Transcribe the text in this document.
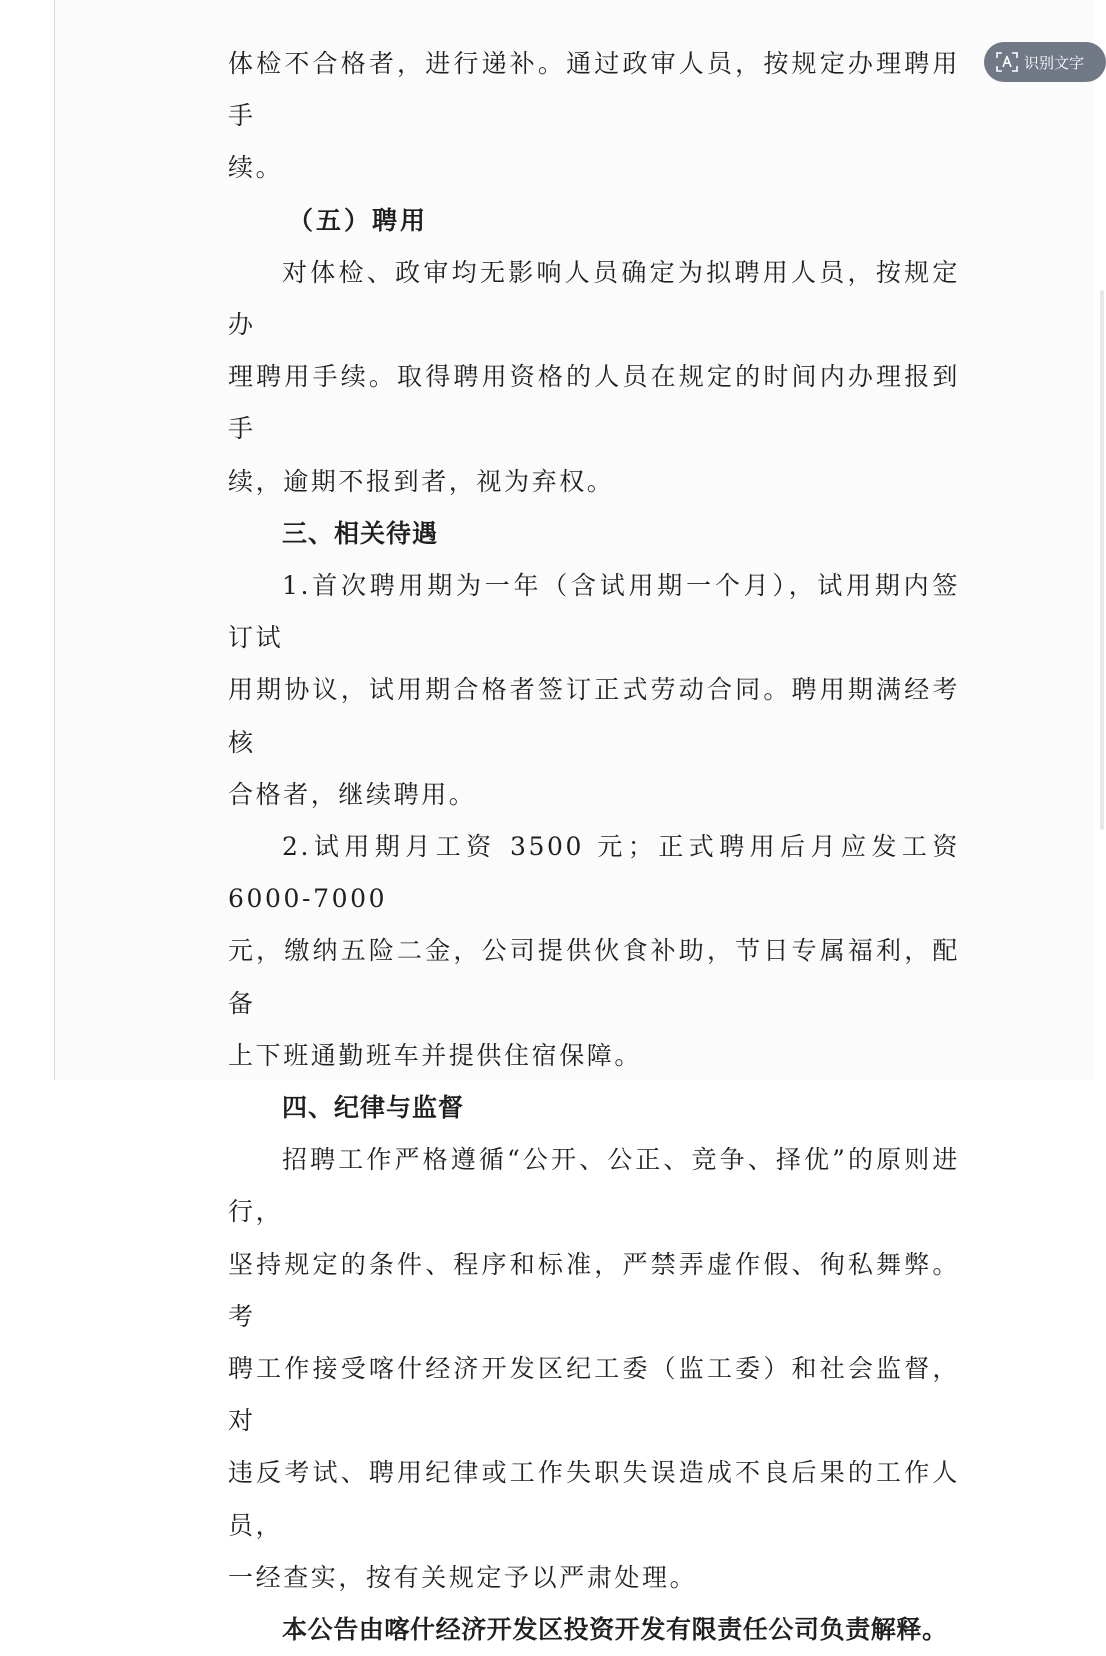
体检不合格者，进行递补。通过政审人员，按规定办理聘用手

续。

（五）聘用

对体检、政审均无影响人员确定为拟聘用人员，按规定办

理聘用手续。取得聘用资格的人员在规定的时间内办理报到手

续，逾期不报到者，视为弃权。

三、相关待遇

1.首次聘用期为一年（含试用期一个月），试用期内签订试

用期协议，试用期合格者签订正式劳动合同。聘用期满经考核

合格者，继续聘用。

2.试用期月工资 3500 元；正式聘用后月应发工资 6000-7000

元，缴纳五险二金，公司提供伙食补助，节日专属福利，配备

上下班通勤班车并提供住宿保障。

四、纪律与监督

招聘工作严格遵循“公开、公正、竞争、择优”的原则进行，

坚持规定的条件、程序和标准，严禁弄虚作假、徇私舞弊。考

聘工作接受喀什经济开发区纪工委（监工委）和社会监督，对

违反考试、聘用纪律或工作失职失误造成不良后果的工作人员，

一经查实，按有关规定予以严肃处理。

本公告由喀什经济开发区投资开发有限责任公司负责解释。

识别文字
